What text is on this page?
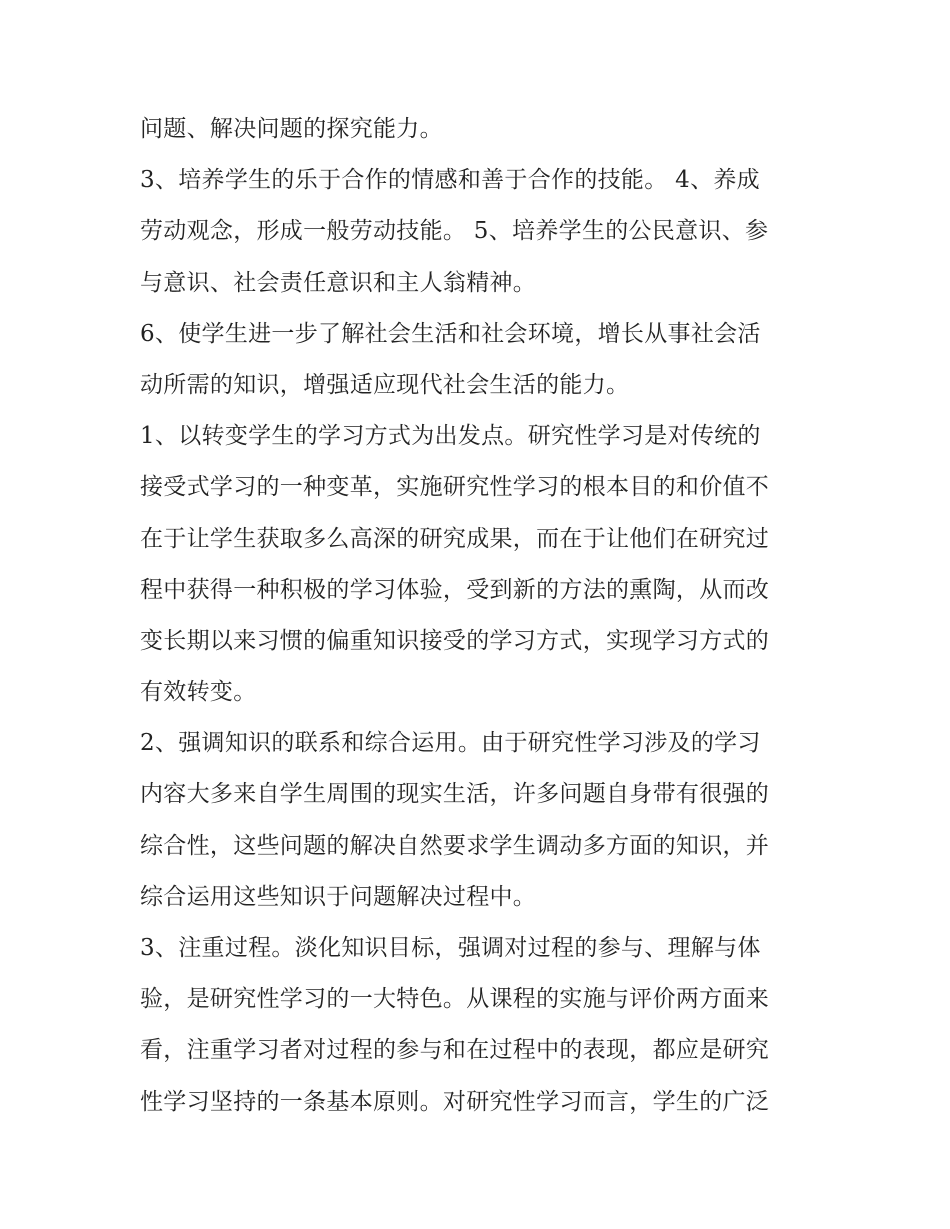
问题、解决问题的探究能力。

3、培养学生的乐于合作的情感和善于合作的技能。 4、养成
劳动观念，形成一般劳动技能。 5、培养学生的公民意识、参
与意识、社会责任意识和主人翁精神。

6、使学生进一步了解社会生活和社会环境，增长从事社会活
动所需的知识，增强适应现代社会生活的能力。

1、以转变学生的学习方式为出发点。研究性学习是对传统的
接受式学习的一种变革，实施研究性学习的根本目的和价值不
在于让学生获取多么高深的研究成果，而在于让他们在研究过
程中获得一种积极的学习体验，受到新的方法的熏陶，从而改
变长期以来习惯的偏重知识接受的学习方式，实现学习方式的
有效转变。

2、强调知识的联系和综合运用。由于研究性学习涉及的学习
内容大多来自学生周围的现实生活，许多问题自身带有很强的
综合性，这些问题的解决自然要求学生调动多方面的知识，并
综合运用这些知识于问题解决过程中。

3、注重过程。淡化知识目标，强调对过程的参与、理解与体
验，是研究性学习的一大特色。从课程的实施与评价两方面来
看，注重学习者对过程的参与和在过程中的表现，都应是研究
性学习坚持的一条基本原则。对研究性学习而言，学生的广泛
